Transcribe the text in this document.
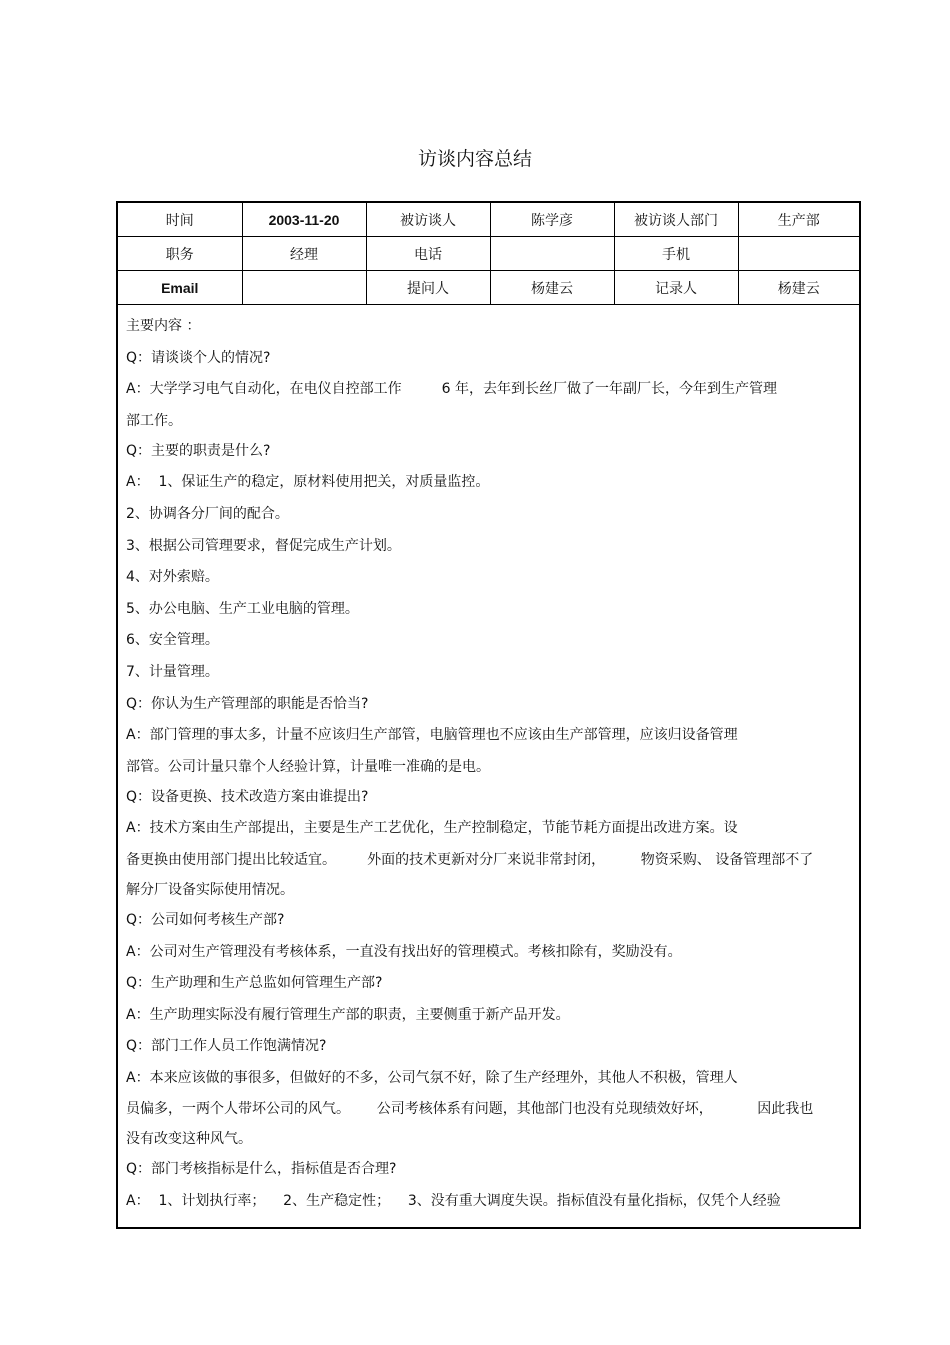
访谈内容总结
时间	2003-11-20	被访谈人	陈学彦	被访谈人部门	生产部
职务	经理	电话		手机	
Email		提问人	杨建云	记录人	杨建云
主要内容 ：
Q：请谈谈个人的情况?
A：大学学习电气自动化，在电仪自控部工作         6 年，去年到长丝厂做了一年副厂长，今年到生产管理
部工作。
Q：主要的职责是什么?
A：  1、保证生产的稳定，原材料使用把关，对质量监控。
2、协调各分厂间的配合。
3、根据公司管理要求，督促完成生产计划。
4、对外索赔。
5、办公电脑、生产工业电脑的管理。
6、安全管理。
7、计量管理。
Q：你认为生产管理部的职能是否恰当?
A：部门管理的事太多，计量不应该归生产部管，电脑管理也不应该由生产部管理，应该归设备管理
部管。公司计量只靠个人经验计算，计量唯一准确的是电。
Q：设备更换、技术改造方案由谁提出?
A：技术方案由生产部提出，主要是生产工艺优化，生产控制稳定，节能节耗方面提出改进方案。设
备更换由使用部门提出比较适宜。       外面的技术更新对分厂来说非常封闭，        物资采购、 设备管理部不了
解分厂设备实际使用情况。
Q：公司如何考核生产部?
A：公司对生产管理没有考核体系，一直没有找出好的管理模式。考核扣除有，奖励没有。
Q：生产助理和生产总监如何管理生产部?
A：生产助理实际没有履行管理生产部的职责，主要侧重于新产品开发。
Q：部门工作人员工作饱满情况?
A：本来应该做的事很多，但做好的不多，公司气氛不好，除了生产经理外，其他人不积极，管理人
员偏多，一两个人带坏公司的风气。      公司考核体系有问题，其他部门也没有兑现绩效好坏，          因此我也
没有改变这种风气。
Q：部门考核指标是什么，指标值是否合理?
A：  1、计划执行率；    2、生产稳定性；    3、没有重大调度失误。指标值没有量化指标，仅凭个人经验
